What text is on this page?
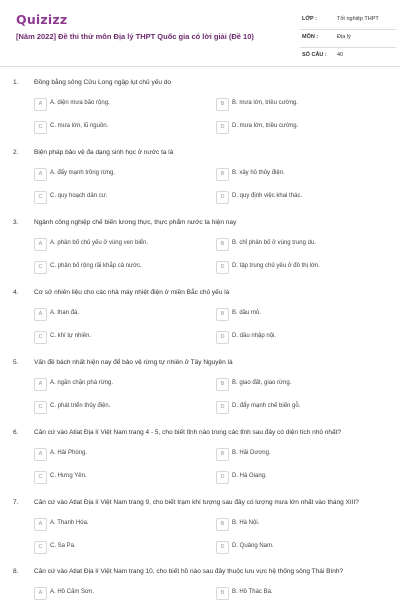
Quizizz
[Năm 2022] Đề thi thử môn Địa lý THPT Quốc gia có lời giải (Đề 10)
LỚP :	Tốt nghiệp THPT
MÔN :	Địa lý
SỐ CÂU : 40
1. Đồng bằng sông Cửu Long ngập lụt chủ yếu do
A	A. diện mưa bão rộng.	B	B. mưa lớn, triều cường.
C	C. mưa lớn, lũ nguồn.	D	D. mưa lớn, triều cường.
2. Biện pháp bảo vệ đa dạng sinh học ở nước ta là
A	A. đẩy mạnh trồng rừng.	B	B. xây hồ thủy điện.
C	C. quy hoạch dân cư.	D	D. quy định việc khai thác.
3. Ngành công nghiệp chế biến lương thực, thực phẩm nước ta hiện nay
A	A. phân bố chủ yếu ở vùng ven biển.	B	B. chỉ phân bố ở vùng trung du.
C	C. phân bố rộng rãi khắp cả nước.	D	D. tập trung chủ yếu ở đô thị lớn.
4. Cơ sở nhiên liệu cho các nhà máy nhiệt điện ở miền Bắc chủ yếu là
A	A. than đá.	B	B. dầu mỏ.
C	C. khí tự nhiên.	D	D. dầu nhập nội.
5. Vấn đề bách nhất hiện nay để bảo vệ rừng tự nhiên ở Tây Nguyên là
A	A. ngăn chặn phá rừng.	B	B. giao đất, giao rừng.
C	C. phát triển thủy điện.	D	D. đẩy mạnh chế biến gỗ.
6. Căn cứ vào Atlat Địa lí Việt Nam trang 4 - 5, cho biết tỉnh nào trong các tỉnh sau đây có diện tích nhỏ nhất?
A	A. Hải Phòng.	B	B. Hải Dương.
C	C. Hưng Yên.	D	D. Hà Giang.
7. Căn cứ vào Atlat Địa lí Việt Nam trang 9, cho biết trạm khí tượng sau đây có lượng mưa lớn nhất vào tháng XIII?
A	A. Thanh Hóa.	B	B. Hà Nội.
C	C. Sa Pa.	D	D. Quảng Nam.
8. Căn cứ vào Atlat Địa lí Việt Nam trang 10, cho biết hồ nào sau đây thuộc lưu vực hệ thống sông Thái Bình?
A	A. Hồ Cấm Sơn.	B	B. Hồ Thác Bà.
